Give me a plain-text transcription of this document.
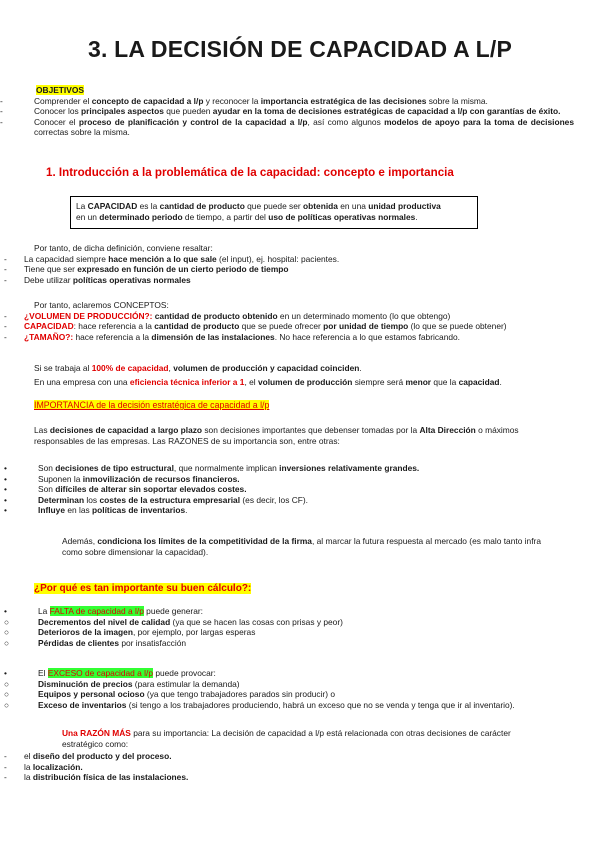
3. LA DECISIÓN DE CAPACIDAD A L/P
OBJETIVOS
-	Comprender el concepto de capacidad a l/p y reconocer la importancia estratégica de las decisiones sobre la misma.
-	Conocer los principales aspectos que pueden ayudar en la toma de decisiones estratégicas de capacidad a l/p con garantías de éxito.
-	Conocer el proceso de planificación y control de la capacidad a l/p, así como algunos modelos de apoyo para la toma de decisiones correctas sobre la misma.
1. Introducción a la problemática de la capacidad: concepto e importancia
La CAPACIDAD es la cantidad de producto que puede ser obtenida en una unidad productiva
en un determinado periodo de tiempo, a partir del uso de políticas operativas normales.
Por tanto, de dicha definición, conviene resaltar:
-	La capacidad siempre hace mención a lo que sale (el input), ej. hospital: pacientes.
-	Tiene que ser expresado en función de un cierto periodo de tiempo
-	Debe utilizar políticas operativas normales
Por tanto, aclaremos CONCEPTOS:
-	¿VOLUMEN DE PRODUCCIÓN?: cantidad de producto obtenido en un determinado momento (lo que obtengo)
-	CAPACIDAD: hace referencia a la cantidad de producto que se puede ofrecer por unidad de tiempo (lo que se puede obtener)
-	¿TAMAÑO?: hace referencia a la dimensión de las instalaciones. No hace referencia a lo que estamos fabricando.
Si se trabaja al 100% de capacidad, volumen de producción y capacidad coinciden.
En una empresa con una eficiencia técnica inferior a 1, el volumen de producción siempre será menor que la capacidad.
IMPORTANCIA de la decisión estratégica de capacidad a l/p
Las decisiones de capacidad a largo plazo son decisiones importantes que debenser tomadas por la Alta Dirección o máximos
responsables de las empresas. Las RAZONES de su importancia son, entre otras:
•	Son decisiones de tipo estructural, que normalmente implican inversiones relativamente grandes.
•	Suponen la inmovilización de recursos financieros.
•	Son difíciles de alterar sin soportar elevados costes.
•	Determinan los costes de la estructura empresarial (es decir, los CF).
•	Influye en las políticas de inventarios.
Además, condiciona los límites de la competitividad de la firma, al marcar la futura respuesta al mercado (es malo tanto infra
como sobre dimensionar la capacidad).
¿Por qué es tan importante su buen cálculo?:
•	La FALTA de capacidad a l/p puede generar:
○	Decrementos del nivel de calidad (ya que se hacen las cosas con prisas y peor)
○	Deterioros de la imagen, por ejemplo, por largas esperas
○	Pérdidas de clientes por insatisfacción
•	El EXCESO de capacidad a l/p puede provocar:
○	Disminución de precios (para estimular la demanda)
○	Equipos y personal ocioso (ya que tengo trabajadores parados sin producir) o
○	Exceso de inventarios (si tengo a los trabajadores produciendo, habrá un exceso que no se venda y tenga que ir al inventario).
Una RAZÓN MÁS para su importancia: La decisión de capacidad a l/p está relacionada con otras decisiones de carácter
estratégico como:
-	el diseño del producto y del proceso.
-	la localización.
-	la distribución física de las instalaciones.
